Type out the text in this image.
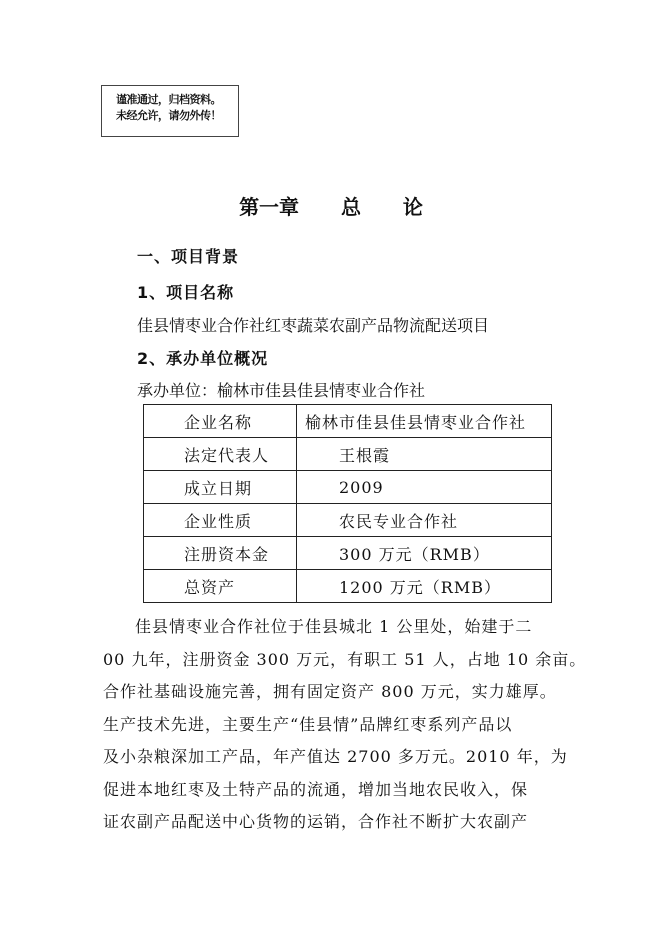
谨准通过，归档资料。
未经允许，请勿外传！
第一章  总  论
一、项目背景
1、项目名称
佳县情枣业合作社红枣蔬菜农副产品物流配送项目
2、承办单位概况
承办单位：榆林市佳县佳县情枣业合作社
企业名称	榆林市佳县佳县情枣业合作社
法定代表人	王根霞
成立日期	2009
企业性质	农民专业合作社
注册资本金	300 万元（RMB）
总资产	1200 万元（RMB）
佳县情枣业合作社位于佳县城北 1 公里处，始建于二
00 九年，注册资金 300 万元，有职工 51 人，占地 10 余亩。
合作社基础设施完善，拥有固定资产 800 万元，实力雄厚。
生产技术先进，主要生产“佳县情”品牌红枣系列产品以
及小杂粮深加工产品，年产值达 2700 多万元。2010 年，为
促进本地红枣及土特产品的流通，增加当地农民收入，保
证农副产品配送中心货物的运销，合作社不断扩大农副产
